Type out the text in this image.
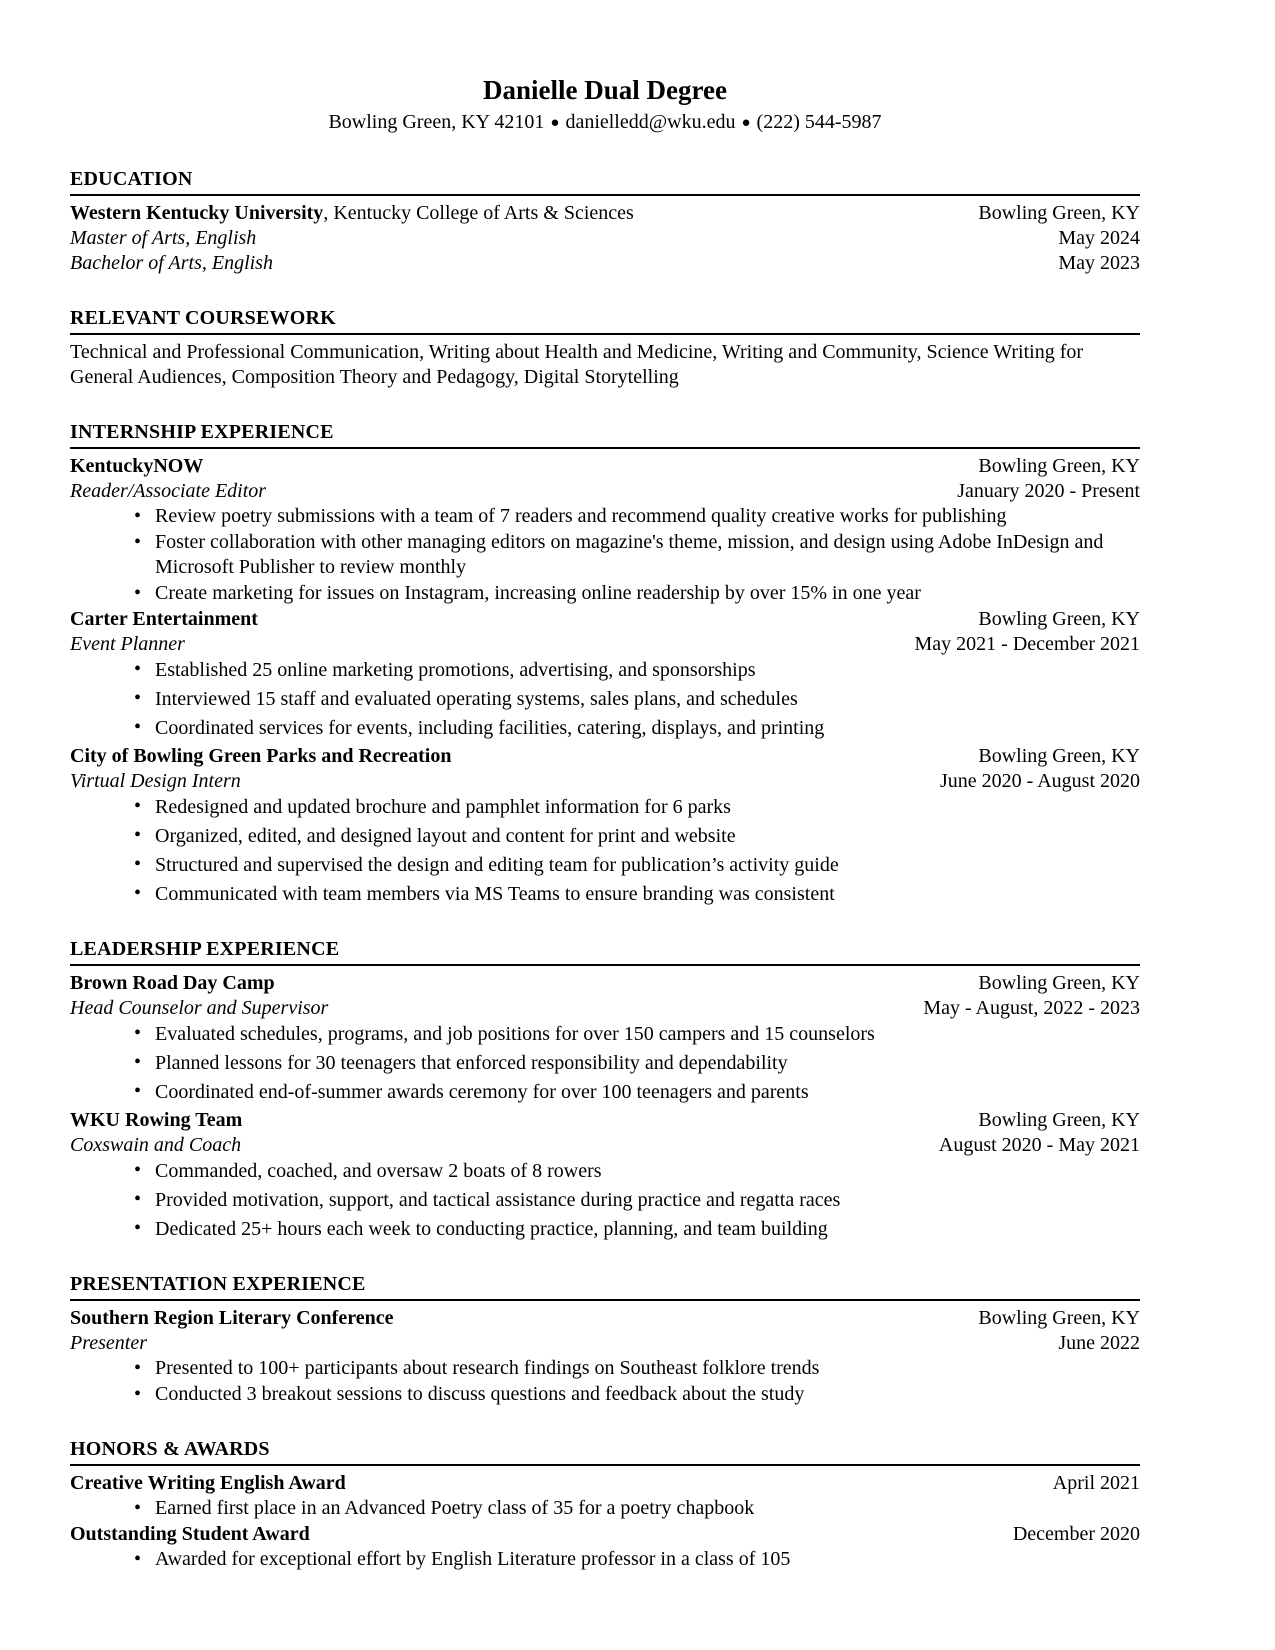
Danielle Dual Degree
Bowling Green, KY 42101 ● danielledd@wku.edu ● (222) 544-5987
EDUCATION
Western Kentucky University, Kentucky College of Arts & Sciences	Bowling Green, KY
Master of Arts, English	May 2024
Bachelor of Arts, English	May 2023
RELEVANT COURSEWORK
Technical and Professional Communication, Writing about Health and Medicine, Writing and Community, Science Writing for General Audiences, Composition Theory and Pedagogy, Digital Storytelling
INTERNSHIP EXPERIENCE
KentuckyNOW	Bowling Green, KY
Reader/Associate Editor	January 2020 - Present
• Review poetry submissions with a team of 7 readers and recommend quality creative works for publishing
• Foster collaboration with other managing editors on magazine's theme, mission, and design using Adobe InDesign and Microsoft Publisher to review monthly
• Create marketing for issues on Instagram, increasing online readership by over 15% in one year
Carter Entertainment	Bowling Green, KY
Event Planner	May 2021 - December 2021
• Established 25 online marketing promotions, advertising, and sponsorships
• Interviewed 15 staff and evaluated operating systems, sales plans, and schedules
• Coordinated services for events, including facilities, catering, displays, and printing
City of Bowling Green Parks and Recreation	Bowling Green, KY
Virtual Design Intern	June 2020 - August 2020
• Redesigned and updated brochure and pamphlet information for 6 parks
• Organized, edited, and designed layout and content for print and website
• Structured and supervised the design and editing team for publication’s activity guide
• Communicated with team members via MS Teams to ensure branding was consistent
LEADERSHIP EXPERIENCE
Brown Road Day Camp	Bowling Green, KY
Head Counselor and Supervisor	May - August, 2022 - 2023
• Evaluated schedules, programs, and job positions for over 150 campers and 15 counselors
• Planned lessons for 30 teenagers that enforced responsibility and dependability
• Coordinated end-of-summer awards ceremony for over 100 teenagers and parents
WKU Rowing Team	Bowling Green, KY
Coxswain and Coach	August 2020 - May 2021
• Commanded, coached, and oversaw 2 boats of 8 rowers
• Provided motivation, support, and tactical assistance during practice and regatta races
• Dedicated 25+ hours each week to conducting practice, planning, and team building
PRESENTATION EXPERIENCE
Southern Region Literary Conference	Bowling Green, KY
Presenter	June 2022
• Presented to 100+ participants about research findings on Southeast folklore trends
• Conducted 3 breakout sessions to discuss questions and feedback about the study
HONORS & AWARDS
Creative Writing English Award	April 2021
• Earned first place in an Advanced Poetry class of 35 for a poetry chapbook
Outstanding Student Award	December 2020
• Awarded for exceptional effort by English Literature professor in a class of 105
